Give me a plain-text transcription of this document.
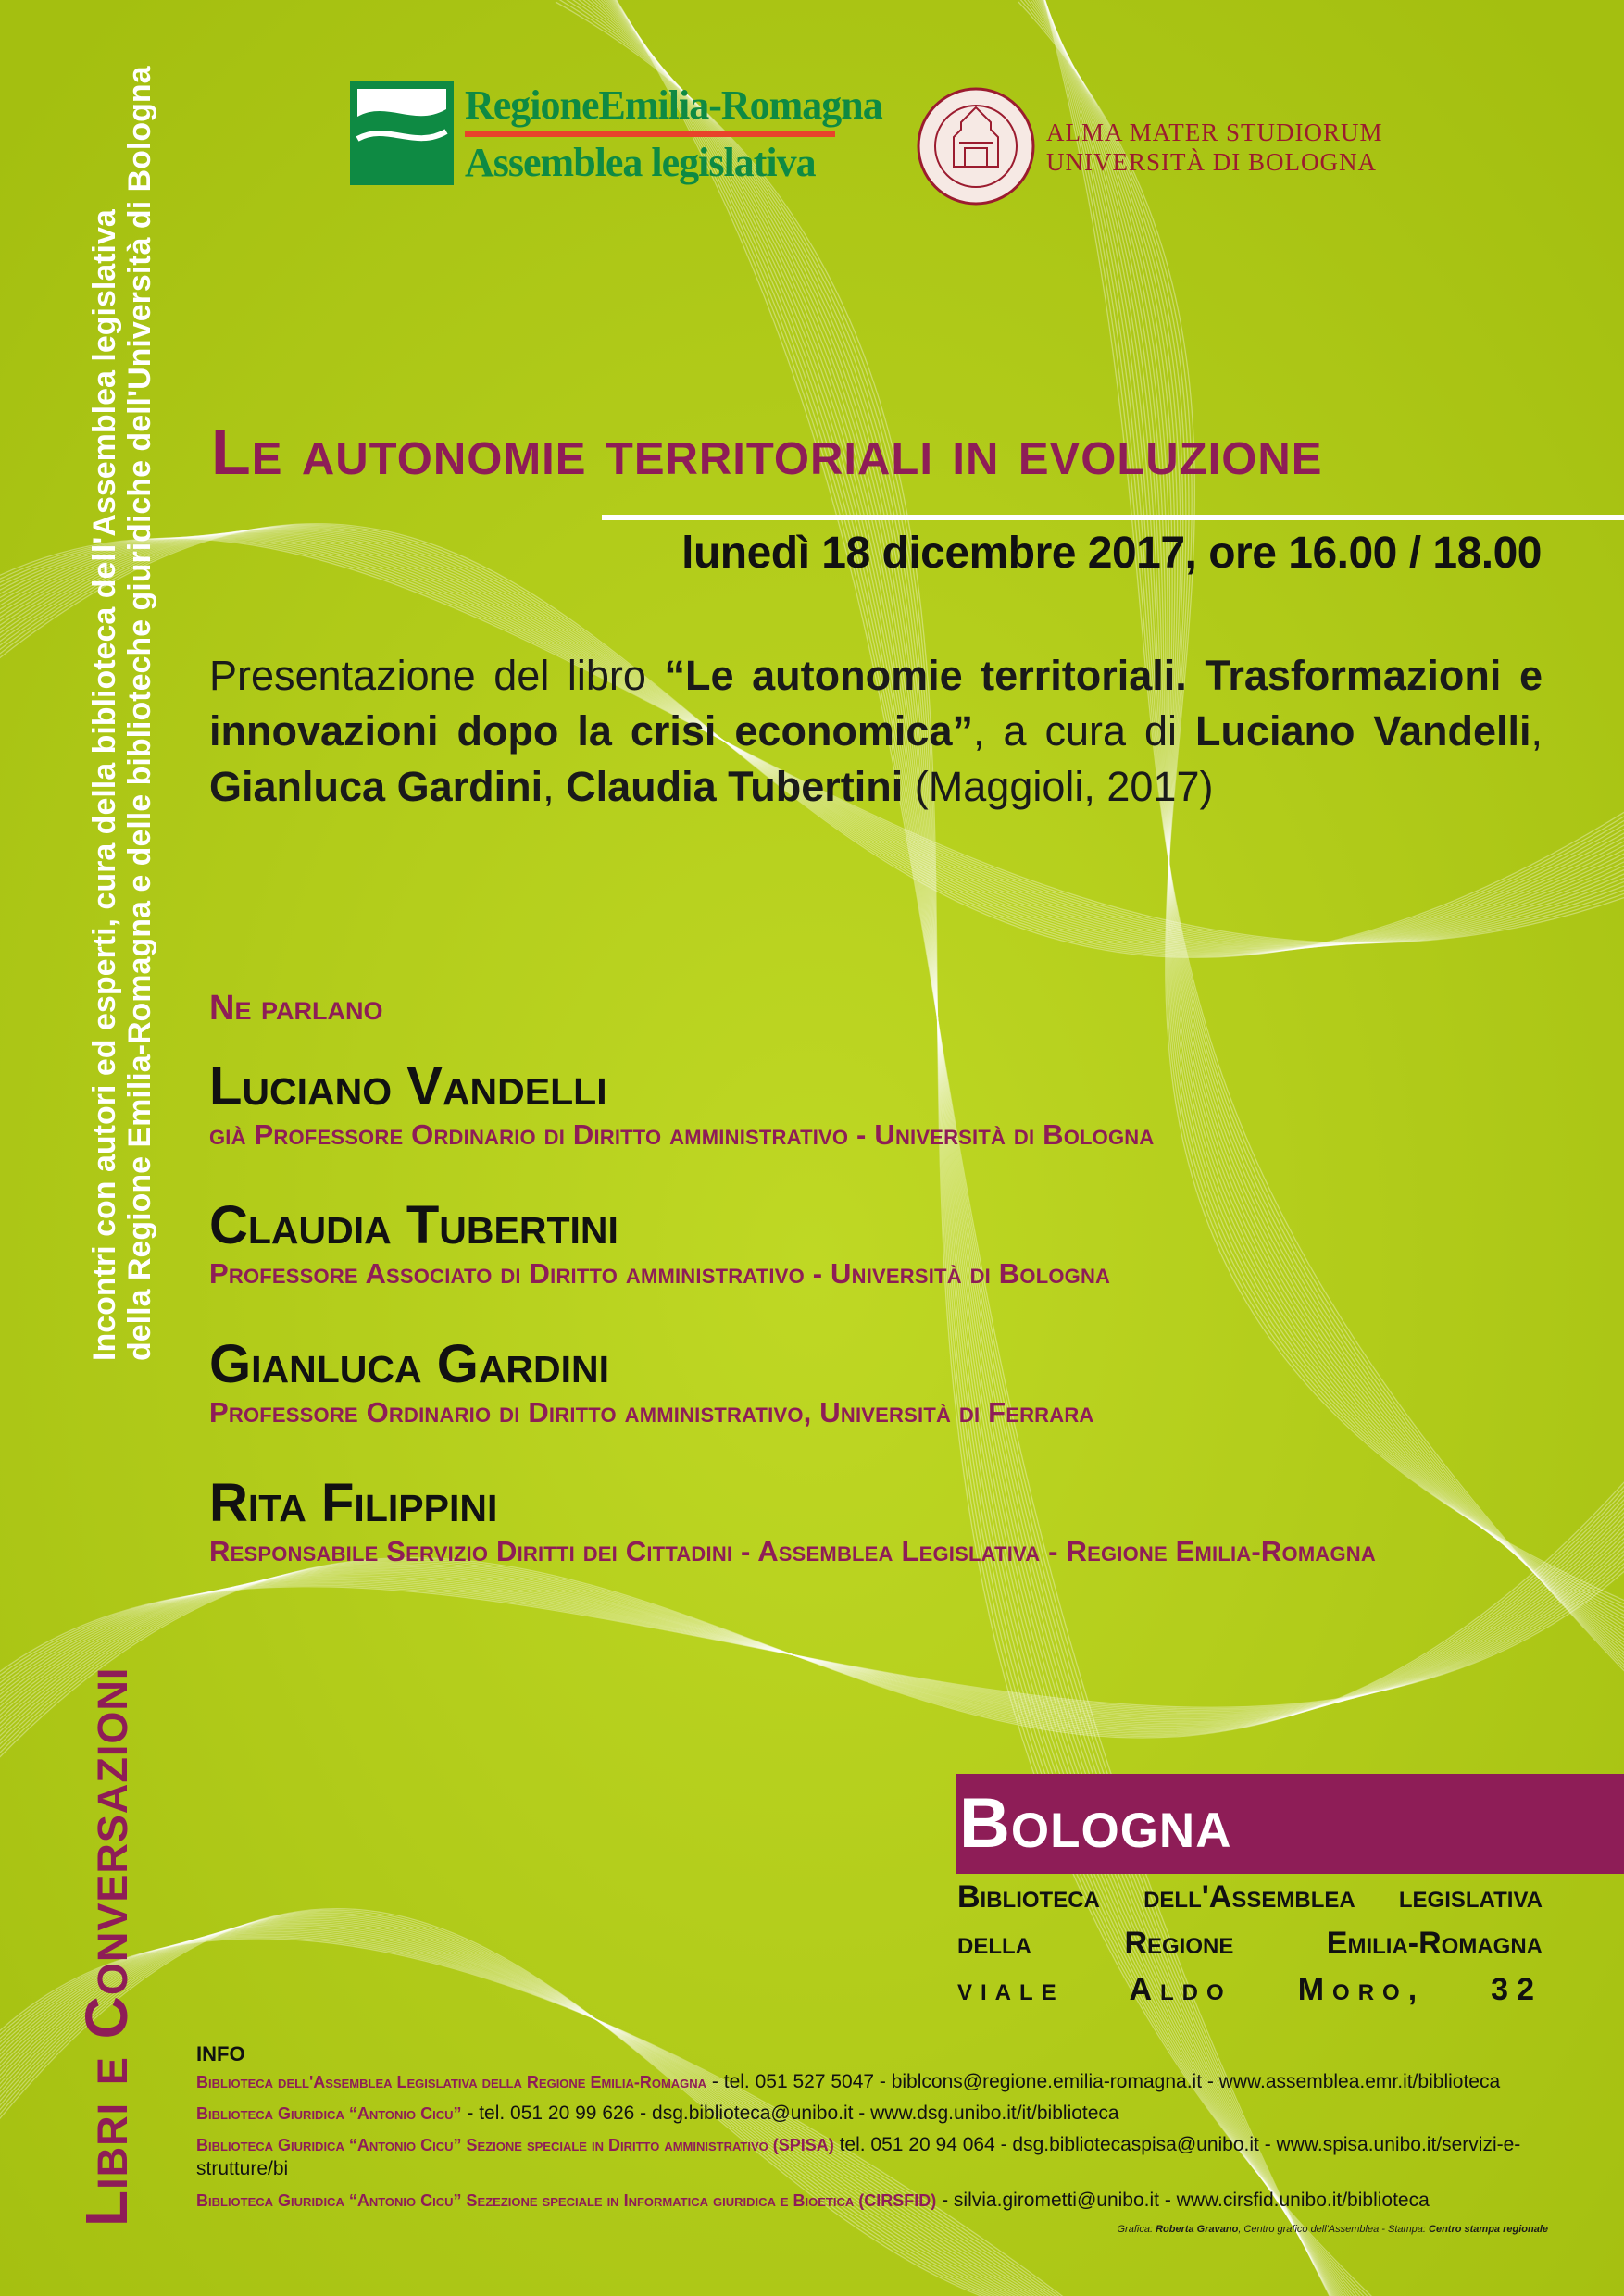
RegioneEmilia-Romagna
Assemblea legislativa
ALMA MATER STUDIORUM
UNIVERSITÀ DI BOLOGNA
Libri e Conversazioni
Incontri con autori ed esperti, cura della biblioteca dell'Assemblea legislativa della Regione Emilia-Romagna e delle biblioteche giuridiche dell'Università di Bologna Le autonomie territoriali in evoluzione
lunedì 18 dicembre 2017, ore 16.00 / 18.00
Presentazione del libro “Le autonomie territoriali. Trasformazioni e innovazioni dopo la crisi economica”, a cura di Luciano Vandelli, Gianluca Gardini, Claudia Tubertini (Maggioli, 2017)
Ne parlano
Luciano Vandelli
già Professore Ordinario di Diritto amministrativo - Università di Bologna
Claudia Tubertini
Professore Associato di Diritto amministrativo - Università di Bologna
Gianluca Gardini
Professore Ordinario di Diritto amministrativo, Università di Ferrara
Rita Filippini
Responsabile Servizio Diritti dei Cittadini - Assemblea Legislativa - Regione Emilia-Romagna
Bologna
Biblioteca dell'Assemblea legislativa
della Regione Emilia-Romagna
viale Aldo Moro, 32
INFO
Biblioteca dell'Assemblea Legislativa della Regione Emilia-Romagna - tel. 051 527 5047 - biblcons@regione.emilia-romagna.it - www.assemblea.emr.it/biblioteca
Biblioteca Giuridica “Antonio Cicu” - tel. 051 20 99 626 - dsg.biblioteca@unibo.it - www.dsg.unibo.it/it/biblioteca
Biblioteca Giuridica “Antonio Cicu” Sezione speciale in Diritto amministrativo (SPISA) tel. 051 20 94 064 - dsg.bibliotecaspisa@unibo.it - www.spisa.unibo.it/servizi-e-strutture/bi
Biblioteca Giuridica “Antonio Cicu” Sezezione speciale in Informatica giuridica e Bioetica (CIRSFID) - silvia.girometti@unibo.it - www.cirsfid.unibo.it/biblioteca
Grafica: Roberta Gravano, Centro grafico dell'Assemblea - Stampa: Centro stampa regionale
